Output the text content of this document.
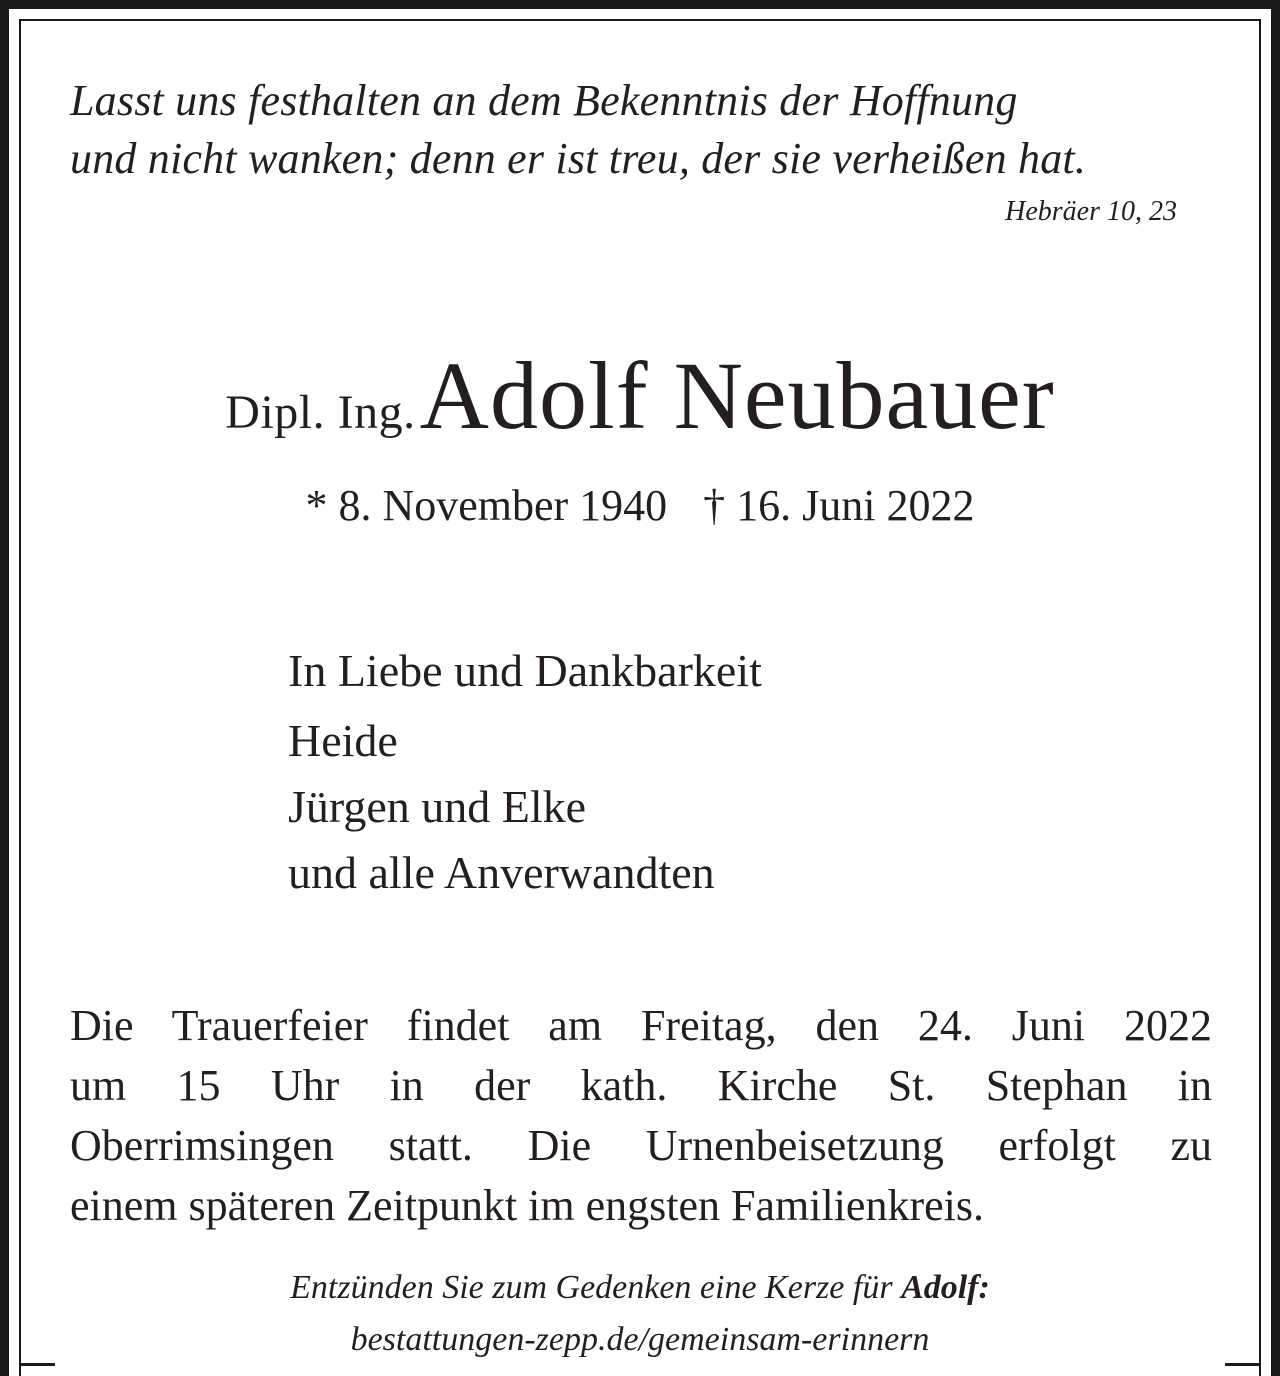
Lasst uns festhalten an dem Bekenntnis der Hoffnung
und nicht wanken; denn er ist treu, der sie verheißen hat.
Hebräer 10, 23
Dipl. Ing. Adolf Neubauer
* 8. November 1940 † 16. Juni 2022
In Liebe und Dankbarkeit
Heide
Jürgen und Elke
und alle Anverwandten
Die Trauerfeier findet am Freitag, den 24. Juni 2022
um 15 Uhr in der kath. Kirche St. Stephan in
Oberrimsingen statt. Die Urnenbeisetzung erfolgt zu
einem späteren Zeitpunkt im engsten Familienkreis.
Entzünden Sie zum Gedenken eine Kerze für Adolf:
bestattungen-zepp.de/gemeinsam-erinnern
